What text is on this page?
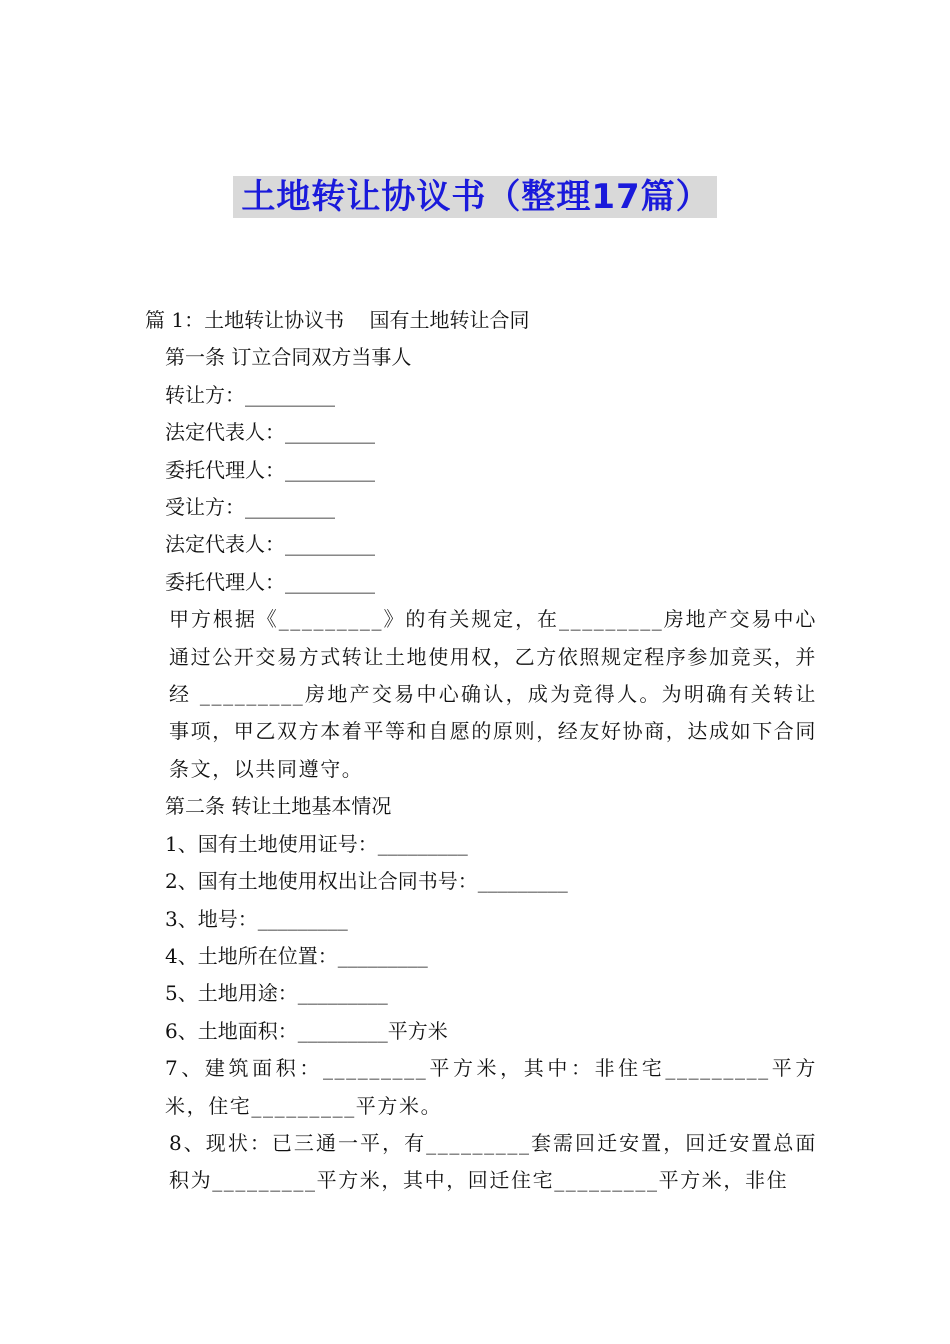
土地转让协议书（整理17篇）
篇 1：土地转让协议书    国有土地转让合同
第一条 订立合同双方当事人
转让方：_________
法定代表人：_________
委托代理人：_________
受让方：_________
法定代表人：_________
委托代理人：_________
甲方根据《_________》的有关规定，在_________房地产交易中心通过公开交易方式转让土地使用权，乙方依照规定程序参加竞买，并经 _________房地产交易中心确认，成为竞得人。为明确有关转让事项，甲乙双方本着平等和自愿的原则，经友好协商，达成如下合同条文，以共同遵守。
第二条 转让土地基本情况
1、国有土地使用证号：_________
2、国有土地使用权出让合同书号：_________
3、地号：_________
4、土地所在位置：_________
5、土地用途：_________
6、土地面积：_________平方米
7、建筑面积：_________平方米，其中：非住宅_________平方米，住宅_________平方米。
8、现状：已三通一平，有_________套需回迁安置，回迁安置总面积为_________平方米，其中，回迁住宅_________平方米，非住
